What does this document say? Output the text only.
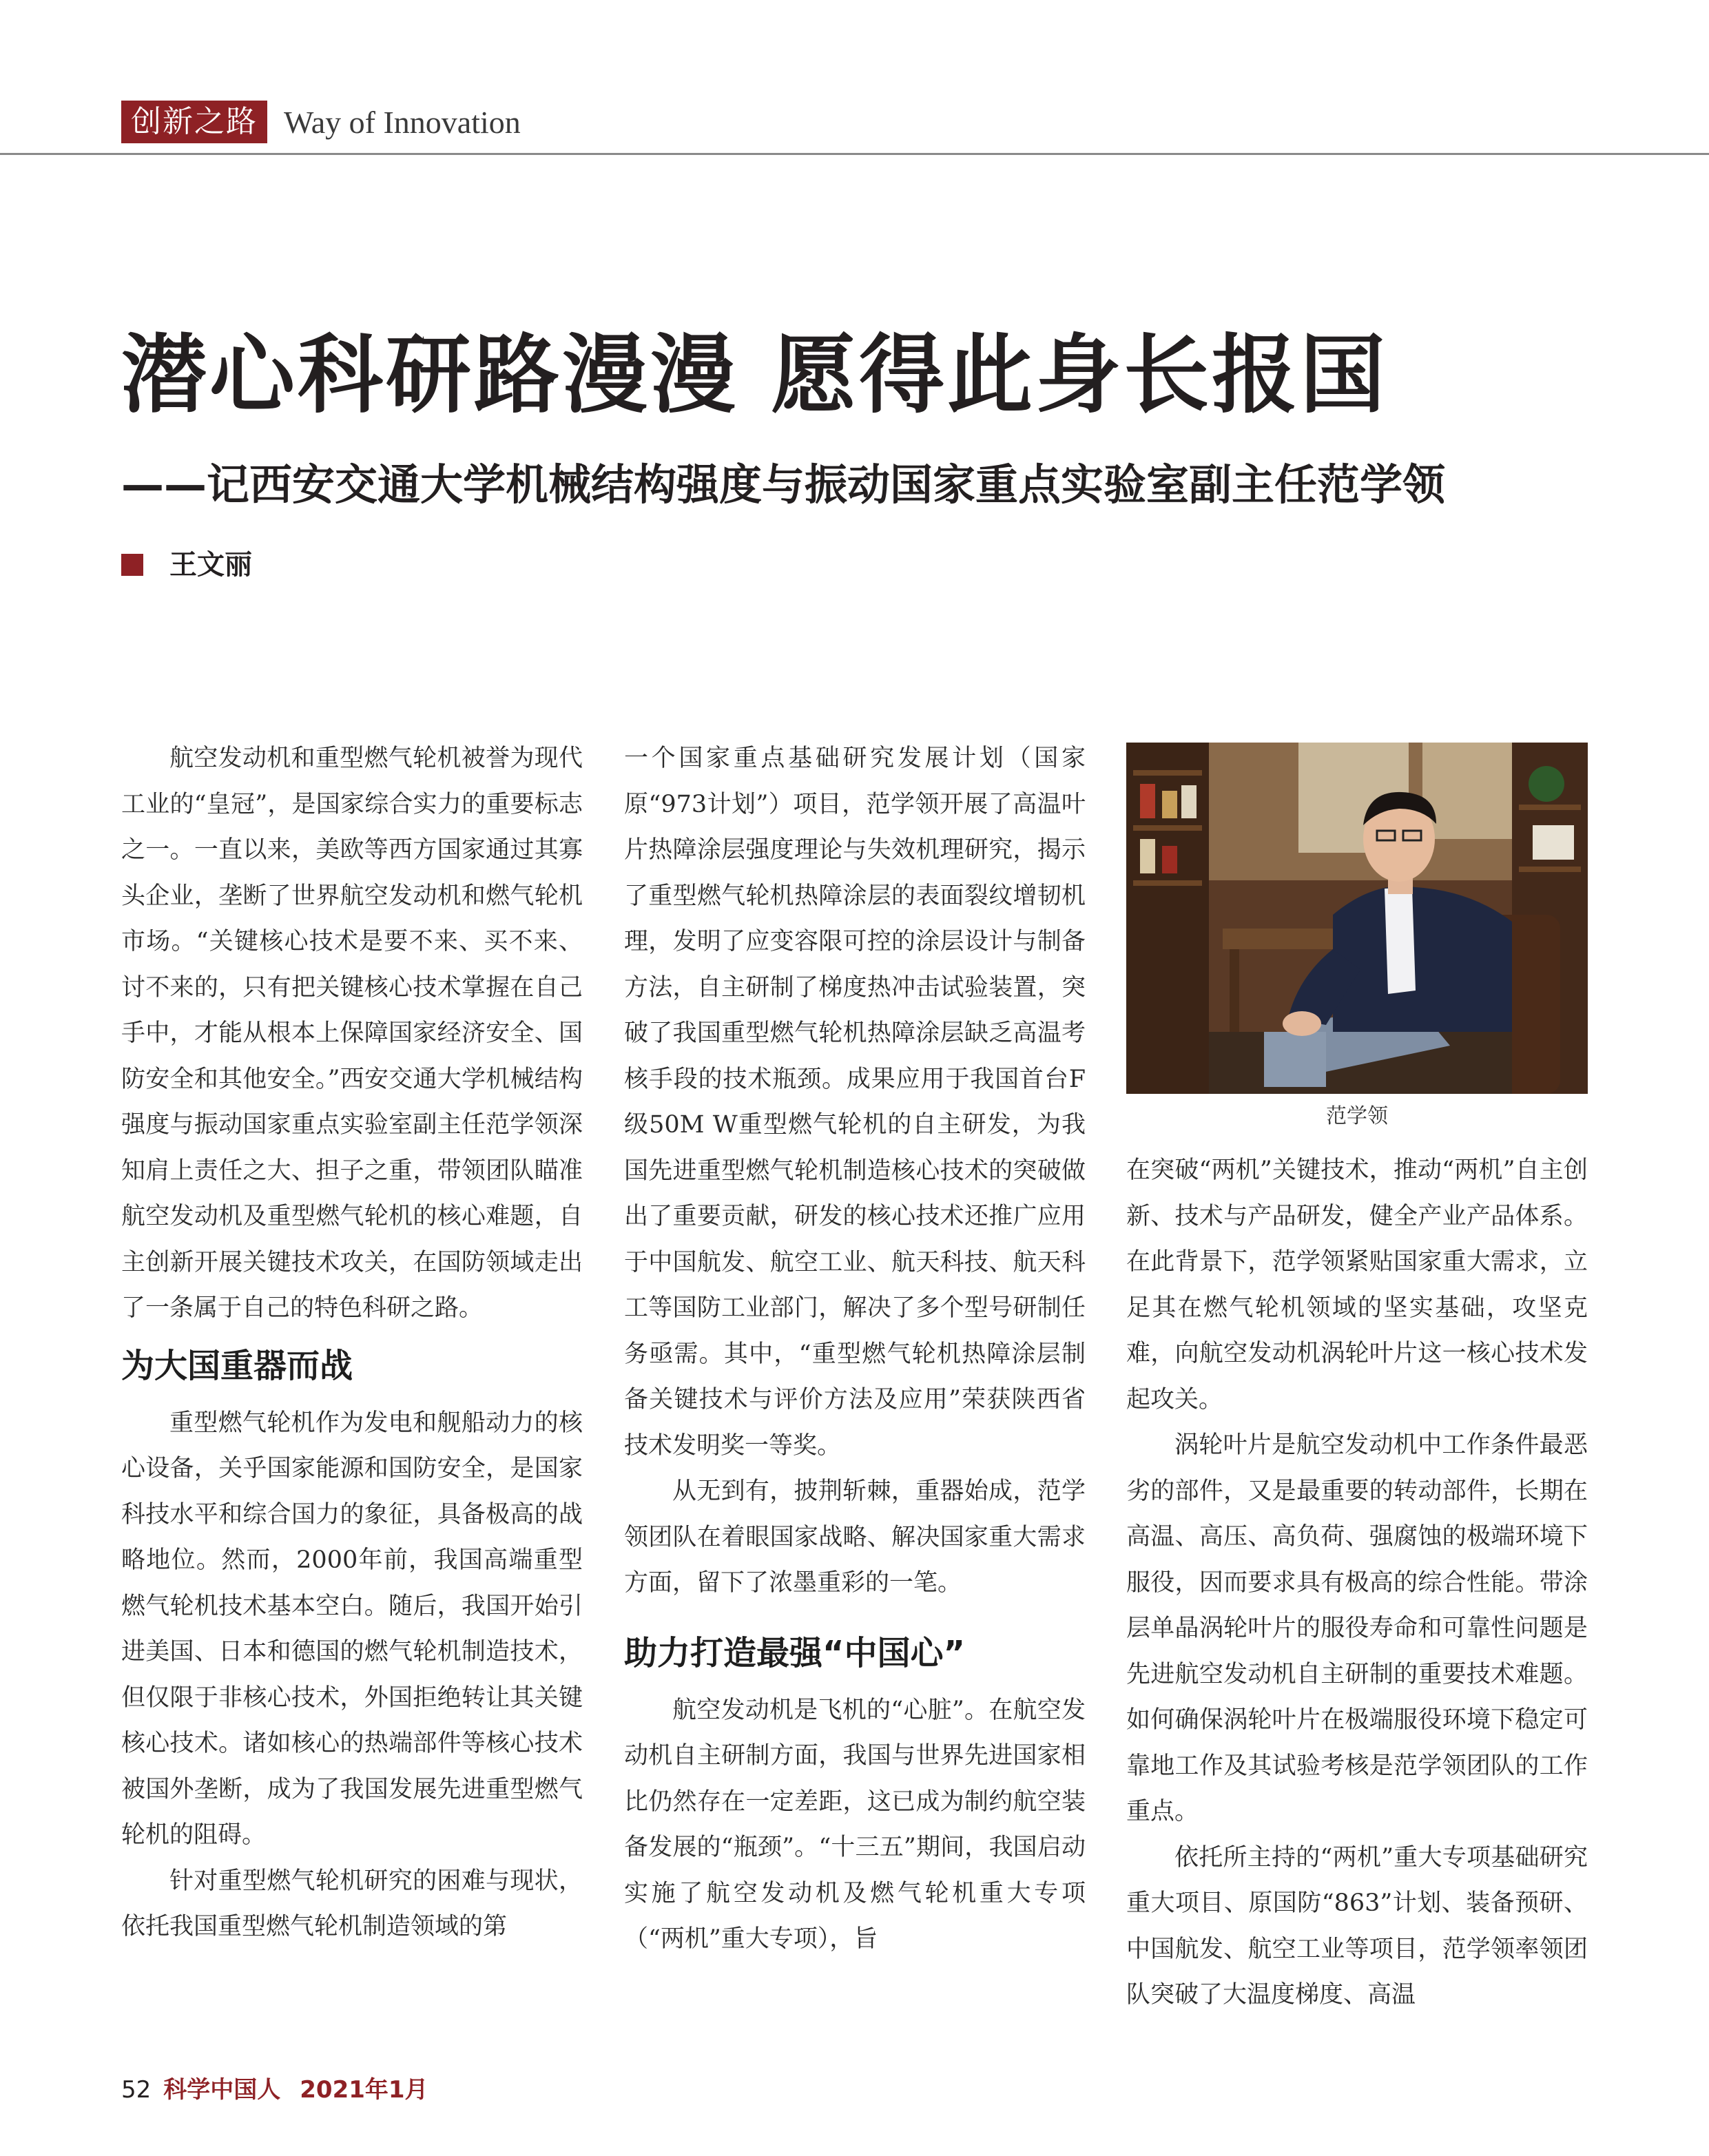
创新之路 Way of Innovation
潜心科研路漫漫 愿得此身长报国
——记西安交通大学机械结构强度与振动国家重点实验室副主任范学领
王文丽

航空发动机和重型燃气轮机被誉为现代工业的“皇冠”，是国家综合实力的重要标志之一。一直以来，美欧等西方国家通过其寡头企业，垄断了世界航空发动机和燃气轮机市场。“关键核心技术是要不来、买不来、讨不来的，只有把关键核心技术掌握在自己手中，才能从根本上保障国家经济安全、国防安全和其他安全。”西安交通大学机械结构强度与振动国家重点实验室副主任范学领深知肩上责任之大、担子之重，带领团队瞄准航空发动机及重型燃气轮机的核心难题，自主创新开展关键技术攻关，在国防领域走出了一条属于自己的特色科研之路。

为大国重器而战

重型燃气轮机作为发电和舰船动力的核心设备，关乎国家能源和国防安全，是国家科技水平和综合国力的象征，具备极高的战略地位。然而，2000年前，我国高端重型燃气轮机技术基本空白。随后，我国开始引进美国、日本和德国的燃气轮机制造技术，但仅限于非核心技术，外国拒绝转让其关键核心技术。诸如核心的热端部件等核心技术被国外垄断，成为了我国发展先进重型燃气轮机的阻碍。

针对重型燃气轮机研究的困难与现状，依托我国重型燃气轮机制造领域的第

一个国家重点基础研究发展计划（国家原“973计划”）项目，范学领开展了高温叶片热障涂层强度理论与失效机理研究，揭示了重型燃气轮机热障涂层的表面裂纹增韧机理，发明了应变容限可控的涂层设计与制备方法，自主研制了梯度热冲击试验装置，突破了我国重型燃气轮机热障涂层缺乏高温考核手段的技术瓶颈。成果应用于我国首台F级50M W重型燃气轮机的自主研发，为我国先进重型燃气轮机制造核心技术的突破做出了重要贡献，研发的核心技术还推广应用于中国航发、航空工业、航天科技、航天科工等国防工业部门，解决了多个型号研制任务亟需。其中，“重型燃气轮机热障涂层制备关键技术与评价方法及应用”荣获陕西省技术发明奖一等奖。

从无到有，披荆斩棘，重器始成，范学领团队在着眼国家战略、解决国家重大需求方面，留下了浓墨重彩的一笔。

助力打造最强“中国心”

航空发动机是飞机的“心脏”。在航空发动机自主研制方面，我国与世界先进国家相比仍然存在一定差距，这已成为制约航空装备发展的“瓶颈”。“十三五”期间，我国启动实施了航空发动机及燃气轮机重大专项（“两机”重大专项），旨

范学领

在突破“两机”关键技术，推动“两机”自主创新、技术与产品研发，健全产业产品体系。在此背景下，范学领紧贴国家重大需求，立足其在燃气轮机领域的坚实基础，攻坚克难，向航空发动机涡轮叶片这一核心技术发起攻关。

涡轮叶片是航空发动机中工作条件最恶劣的部件，又是最重要的转动部件，长期在高温、高压、高负荷、强腐蚀的极端环境下服役，因而要求具有极高的综合性能。带涂层单晶涡轮叶片的服役寿命和可靠性问题是先进航空发动机自主研制的重要技术难题。如何确保涡轮叶片在极端服役环境下稳定可靠地工作及其试验考核是范学领团队的工作重点。

依托所主持的“两机”重大专项基础研究重大项目、原国防“863”计划、装备预研、中国航发、航空工业等项目，范学领率领团队突破了大温度梯度、高温

52 科学中国人 2021年1月
